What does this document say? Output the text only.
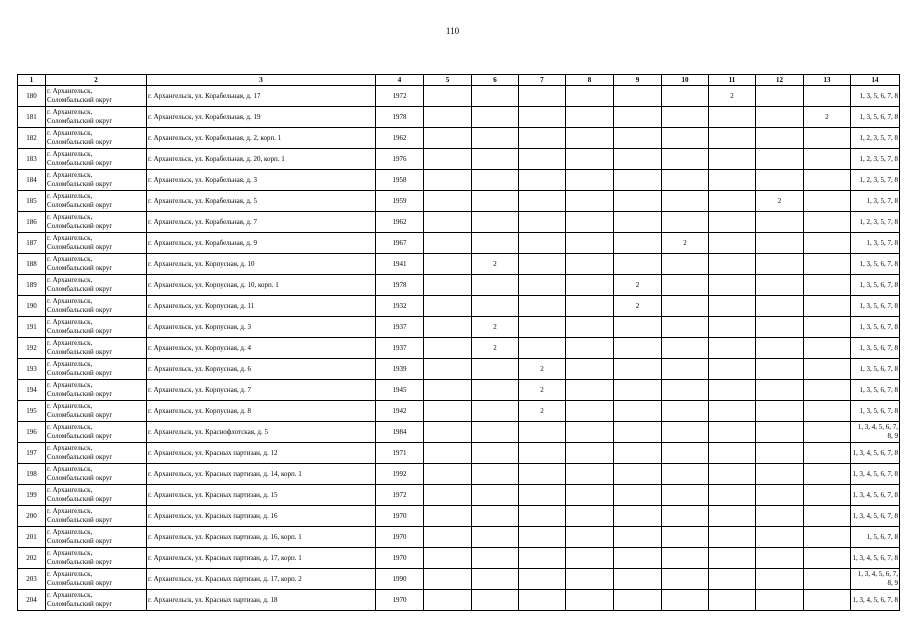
110
1	2	3	4	5	6	7	8	9	10	11	12	13	14
180	г. Архангельск,
Соломбальский округ	г. Архангельск, ул. Корабельная, д. 17	1972							2			1, 3, 5, 6, 7, 8
181	г. Архангельск,
Соломбальский округ	г. Архангельск, ул. Корабельная, д. 19	1978									2	1, 3, 5, 6, 7, 8
182	г. Архангельск,
Соломбальский округ	г. Архангельск, ул. Корабельная, д. 2, корп. 1	1962										1, 2, 3, 5, 7, 8
183	г. Архангельск,
Соломбальский округ	г. Архангельск, ул. Корабельная, д. 20, корп. 1	1976										1, 2, 3, 5, 7, 8
184	г. Архангельск,
Соломбальский округ	г. Архангельск, ул. Корабельная, д. 3	1958										1, 2, 3, 5, 7, 8
185	г. Архангельск,
Соломбальский округ	г. Архангельск, ул. Корабельная, д. 5	1959								2		1, 3, 5, 7, 8
186	г. Архангельск,
Соломбальский округ	г. Архангельск, ул. Корабельная, д. 7	1962										1, 2, 3, 5, 7, 8
187	г. Архангельск,
Соломбальский округ	г. Архангельск, ул. Корабельная, д. 9	1967						2				1, 3, 5, 7, 8
188	г. Архангельск,
Соломбальский округ	г. Архангельск, ул. Корпусная, д. 10	1941		2								1, 3, 5, 6, 7, 8
189	г. Архангельск,
Соломбальский округ	г. Архангельск, ул. Корпусная, д. 10, корп. 1	1978					2					1, 3, 5, 6, 7, 8
190	г. Архангельск,
Соломбальский округ	г. Архангельск, ул. Корпусная, д. 11	1932					2					1, 3, 5, 6, 7, 8
191	г. Архангельск,
Соломбальский округ	г. Архангельск, ул. Корпусная, д. 3	1937		2								1, 3, 5, 6, 7, 8
192	г. Архангельск,
Соломбальский округ	г. Архангельск, ул. Корпусная, д. 4	1937		2								1, 3, 5, 6, 7, 8
193	г. Архангельск,
Соломбальский округ	г. Архангельск, ул. Корпусная, д. 6	1939			2							1, 3, 5, 6, 7, 8
194	г. Архангельск,
Соломбальский округ	г. Архангельск, ул. Корпусная, д. 7	1945			2							1, 3, 5, 6, 7, 8
195	г. Архангельск,
Соломбальский округ	г. Архангельск, ул. Корпусная, д. 8	1942			2							1, 3, 5, 6, 7, 8
196	г. Архангельск,
Соломбальский округ	г. Архангельск, ул. Краснофлотская, д. 5	1984										1, 3, 4, 5, 6, 7, 8, 9
197	г. Архангельск,
Соломбальский округ	г. Архангельск, ул. Красных партизан, д. 12	1971										1, 3, 4, 5, 6, 7, 8
198	г. Архангельск,
Соломбальский округ	г. Архангельск, ул. Красных партизан, д. 14, корп. 1	1992										1, 3, 4, 5, 6, 7, 8
199	г. Архангельск,
Соломбальский округ	г. Архангельск, ул. Красных партизан, д. 15	1972										1, 3, 4, 5, 6, 7, 8
200	г. Архангельск,
Соломбальский округ	г. Архангельск, ул. Красных партизан, д. 16	1970										1, 3, 4, 5, 6, 7, 8
201	г. Архангельск,
Соломбальский округ	г. Архангельск, ул. Красных партизан, д. 16, корп. 1	1970										1, 5, 6, 7, 8
202	г. Архангельск,
Соломбальский округ	г. Архангельск, ул. Красных партизан, д. 17, корп. 1	1970										1, 3, 4, 5, 6, 7, 8
203	г. Архангельск,
Соломбальский округ	г. Архангельск, ул. Красных партизан, д. 17, корп. 2	1990										1, 3, 4, 5, 6, 7, 8, 9
204	г. Архангельск,
Соломбальский округ	г. Архангельск, ул. Красных партизан, д. 18	1970										1, 3, 4, 5, 6, 7, 8
